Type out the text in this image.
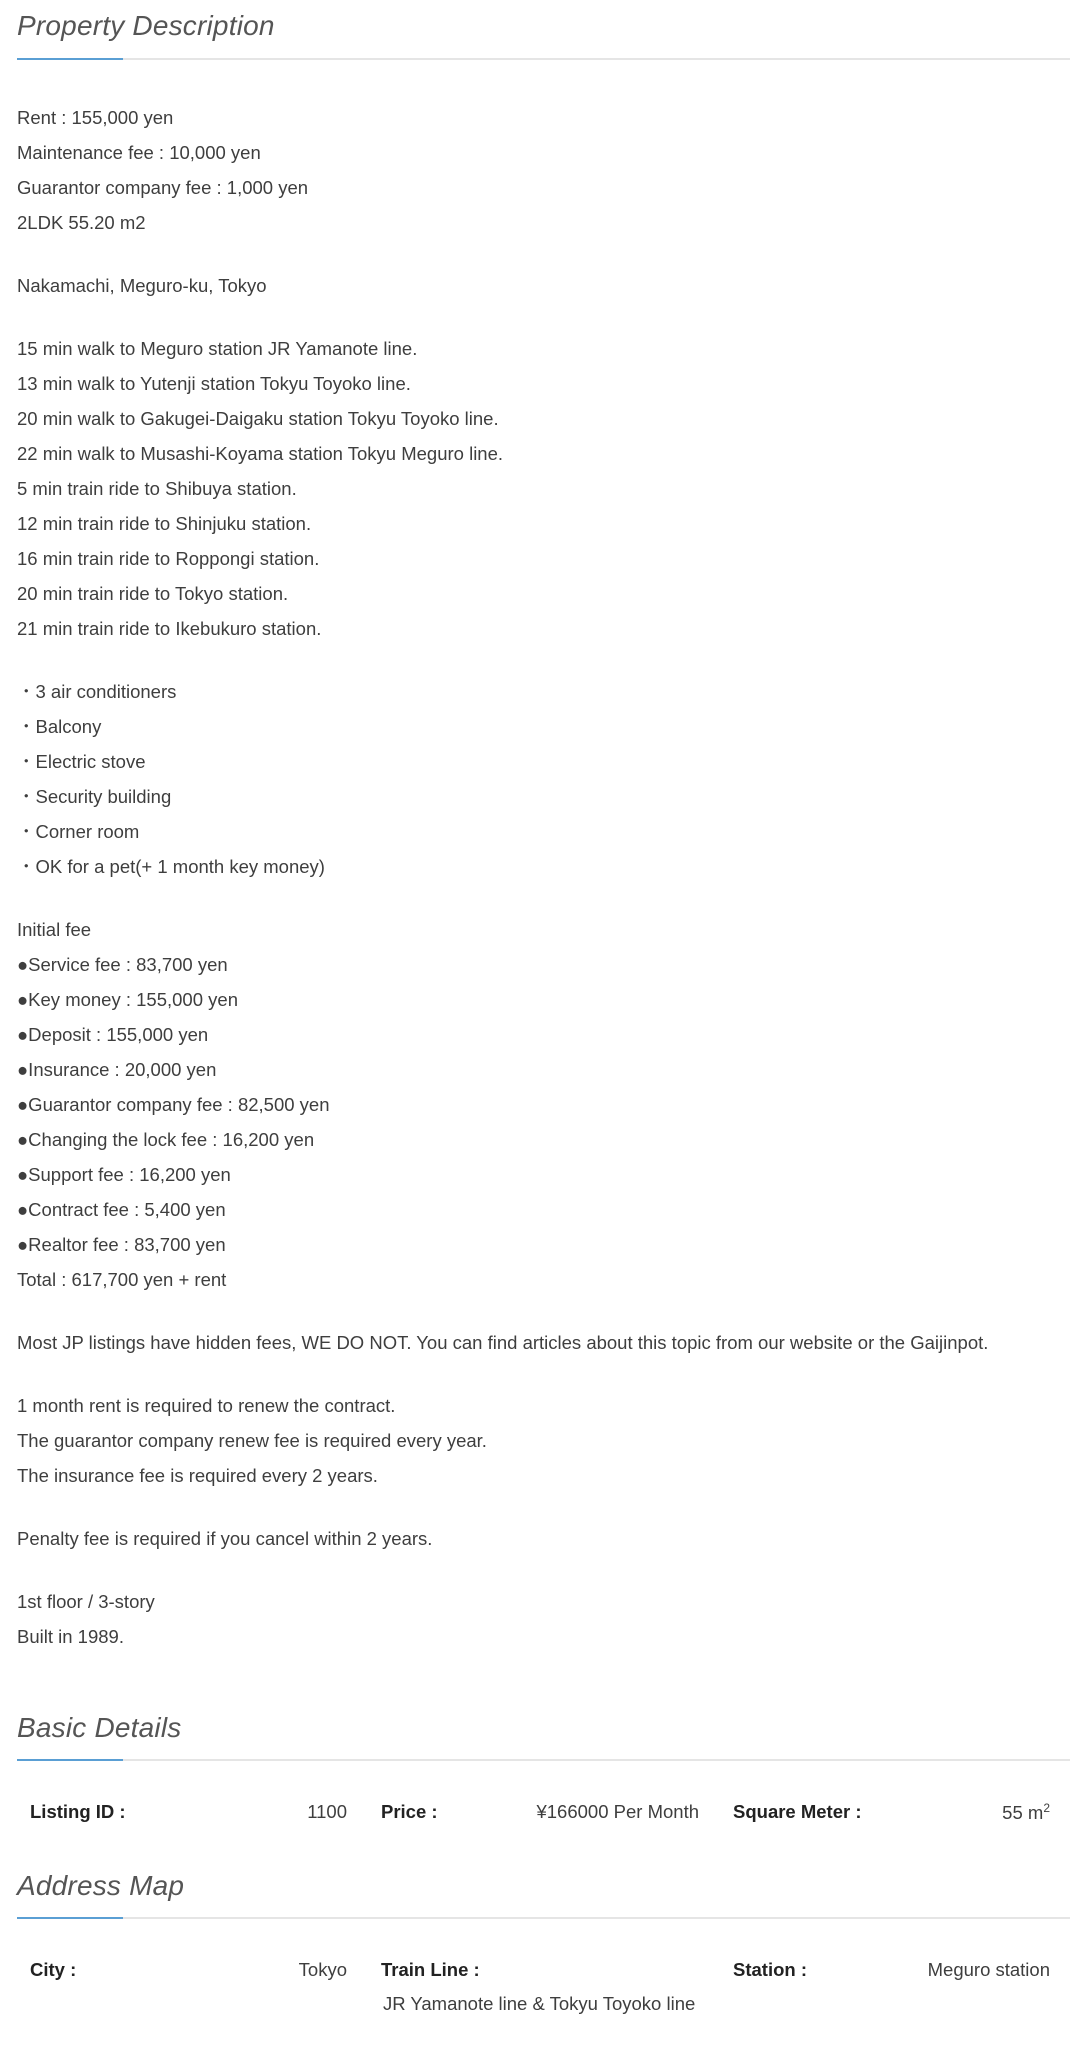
Property Description
Rent : 155,000 yen
Maintenance fee : 10,000 yen
Guarantor company fee : 1,000 yen
2LDK 55.20 m2
Nakamachi, Meguro-ku, Tokyo
15 min walk to Meguro station JR Yamanote line.
13 min walk to Yutenji station Tokyu Toyoko line.
20 min walk to Gakugei-Daigaku station Tokyu Toyoko line.
22 min walk to Musashi-Koyama station Tokyu Meguro line.
5 min train ride to Shibuya station.
12 min train ride to Shinjuku station.
16 min train ride to Roppongi station.
20 min train ride to Tokyo station.
21 min train ride to Ikebukuro station.
・3 air conditioners
・Balcony
・Electric stove
・Security building
・Corner room
・OK for a pet(+ 1 month key money)
Initial fee
●Service fee : 83,700 yen
●Key money : 155,000 yen
●Deposit : 155,000 yen
●Insurance : 20,000 yen
●Guarantor company fee : 82,500 yen
●Changing the lock fee : 16,200 yen
●Support fee : 16,200 yen
●Contract fee : 5,400 yen
●Realtor fee : 83,700 yen
Total : 617,700 yen + rent
Most JP listings have hidden fees, WE DO NOT. You can find articles about this topic from our website or the Gaijinpot.
1 month rent is required to renew the contract.
The guarantor company renew fee is required every year.
The insurance fee is required every 2 years.
Penalty fee is required if you cancel within 2 years.
1st floor / 3-story
Built in 1989.
Basic Details
Listing ID :	1100 Price :	¥166000 Per Month Square Meter :	55 $m^2$
Address Map
City :	Tokyo Train Line :
JR Yamanote line & Tokyu Toyoko line
Station :	Meguro station
